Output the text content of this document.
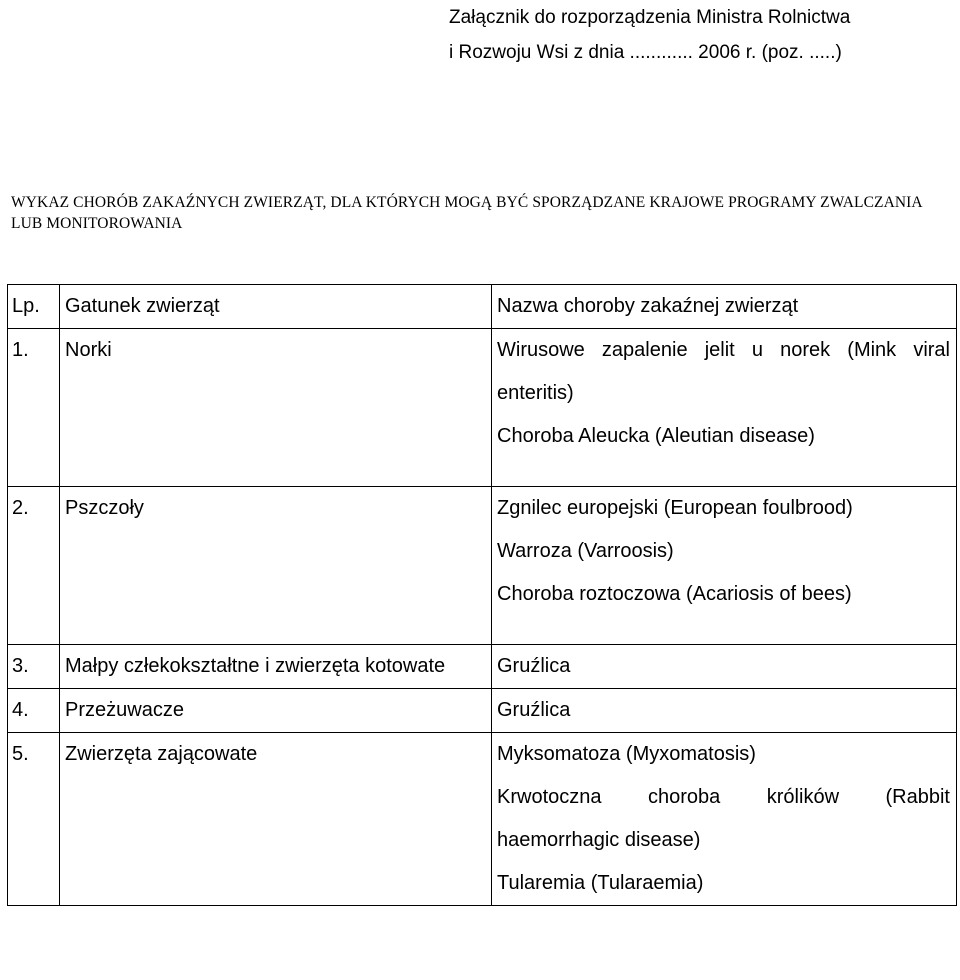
Załącznik do rozporządzenia Ministra Rolnictwa
i Rozwoju Wsi z dnia ............ 2006 r. (poz. .....)
WYKAZ CHORÓB ZAKAŹNYCH ZWIERZĄT, DLA KTÓRYCH MOGĄ BYĆ SPORZĄDZANE KRAJOWE PROGRAMY ZWALCZANIA LUB MONITOROWANIA
Lp.	Gatunek zwierząt	Nazwa choroby zakaźnej zwierząt
1.	Norki	Wirusowe zapalenie jelit u norek (Mink viral enteritis)
Choroba Aleucka (Aleutian disease)

2.	Pszczoły	Zgnilec europejski (European foulbrood)
Warroza (Varroosis)
Choroba roztoczowa (Acariosis of bees)

3.	Małpy człekokształtne i zwierzęta kotowate	Gruźlica

4.	Przeżuwacze	Gruźlica

5.	Zwierzęta zającowate	Myksomatoza (Myxomatosis)
Krwotoczna choroba królików (Rabbit haemorrhagic disease)
Tularemia (Tularaemia)
